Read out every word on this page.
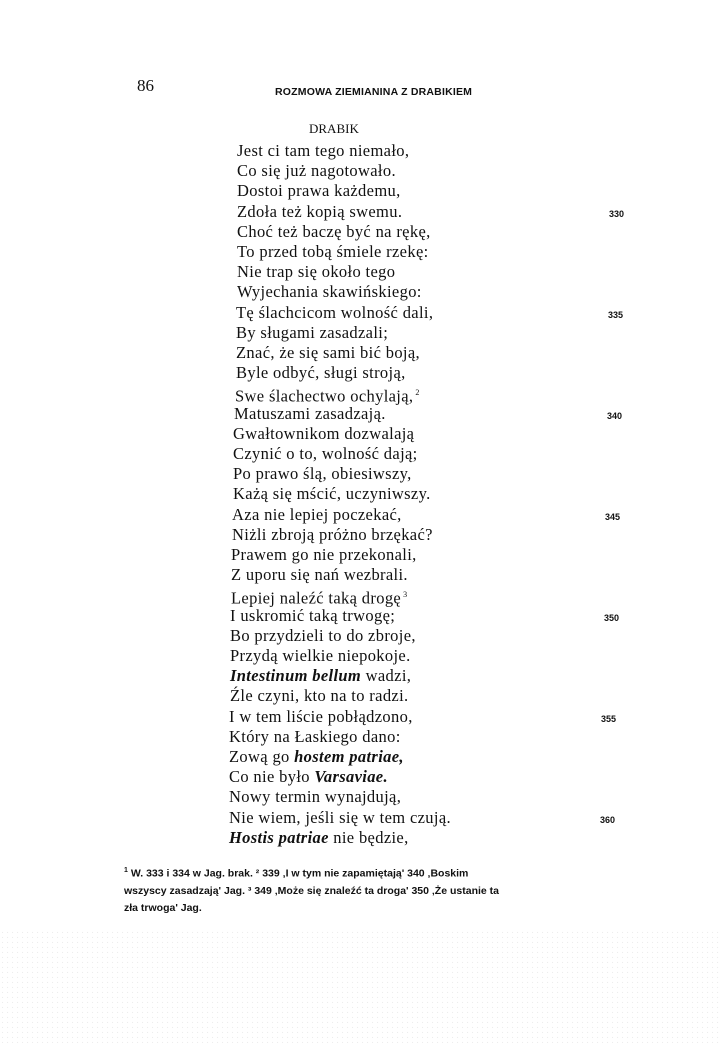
86	ROZMOWA ZIEMIANINA Z DRABIKIEM
DRABIK
Jest ci tam tego niemało,
Co się już nagotowało.
Dostoi prawa każdemu,
Zdoła też kopią swemu.	330
Choć też baczę być na rękę,
To przed tobą śmiele rzekę:
Nie trap się około tego
Wyjechania skawińskiego:
Tę ślachcicom wolność dali,	335
By sługami zasadzali;
Znać, że się sami bić boją,
Byle odbyć, sługi stroją,
Swe ślachectwo ochylają, $^2$
Matuszami zasadzają.	340
Gwałtownikom dozwalają
Czynić o to, wolność dają;
Po prawo ślą, obiesiwszy,
Każą się mścić, uczyniwszy.
Aza nie lepiej poczekać,	345
Niżli zbroją próżno brzękać?
Prawem go nie przekonali,
Z uporu się nań wezbrali.
Lepiej naleźć taką drogę $^3$
I uskromić taką trwogę;	350
Bo przydzieli to do zbroje,
Przydą wielkie niepokoje.
Intestinum bellum wadzi,
Źle czyni, kto na to radzi.
I w tem liście pobłądzono,	355
Który na Łaskiego dano:
Zową go hostem patriae,
Co nie było Varsaviae.
Nowy termin wynajdują,
Nie wiem, jeśli się w tem czują.	360
Hostis patriae nie będzie,
$^1$ W. 333 i 334 w Jag. brak. ² 339 ‚I w tym nie zapamiętają' 340 ‚Boskim
wszyscy zasadzają' Jag. ³ 349 ‚Może się znaleźć ta droga' 350 ‚Że ustanie ta
zła trwoga' Jag.
